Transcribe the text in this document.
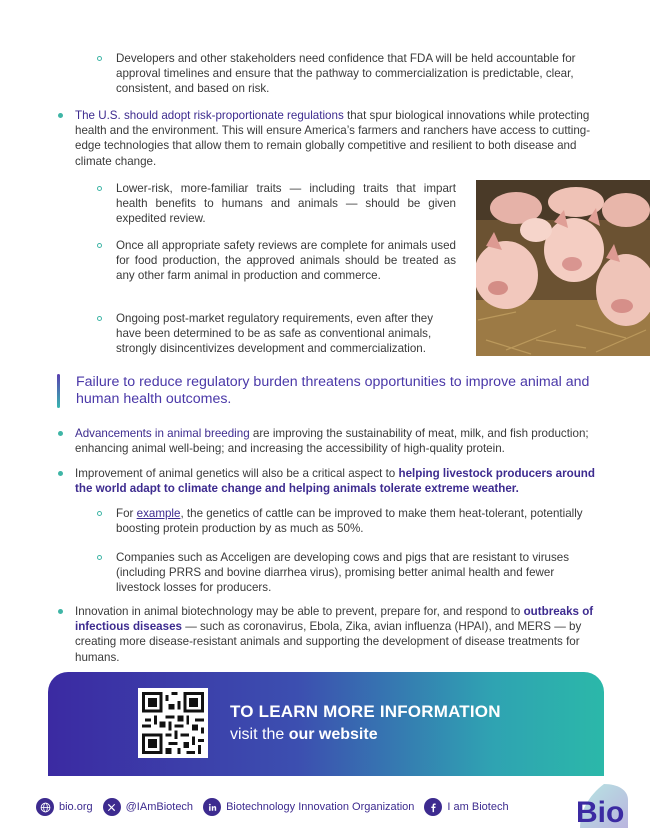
Developers and other stakeholders need confidence that FDA will be held accountable for approval timelines and ensure that the pathway to commercialization is predictable, clear, consistent, and based on risk.

The U.S. should adopt risk-proportionate regulations that spur biological innovations while protecting health and the environment. This will ensure America’s farmers and ranchers have access to cutting-edge technologies that allow them to remain globally competitive and resilient to both disease and climate change.

Lower-risk, more-familiar traits — including traits that impart health benefits to humans and animals — should be given expedited review.

Once all appropriate safety reviews are complete for animals used for food production, the approved animals should be treated as any other farm animal in production and commerce.

Ongoing post-market regulatory requirements, even after they have been determined to be as safe as conventional animals, strongly disincentivizes development and commercialization.

Failure to reduce regulatory burden threatens opportunities to improve animal and human health outcomes.

Advancements in animal breeding are improving the sustainability of meat, milk, and fish production; enhancing animal well-being; and increasing the accessibility of high-quality protein.

Improvement of animal genetics will also be a critical aspect to helping livestock producers around the world adapt to climate change and helping animals tolerate extreme weather.

For example, the genetics of cattle can be improved to make them heat-tolerant, potentially boosting protein production by as much as 50%.

Companies such as Acceligen are developing cows and pigs that are resistant to viruses (including PRRS and bovine diarrhea virus), promising better animal health and fewer livestock losses for producers.

Innovation in animal biotechnology may be able to prevent, prepare for, and respond to outbreaks of infectious diseases — such as coronavirus, Ebola, Zika, avian influenza (HPAI), and MERS — by creating more disease-resistant animals and supporting the development of disease treatments for humans.

TO LEARN MORE INFORMATION
visit the our website
bio.org	@IAmBiotech	Biotechnology Innovation Organization	I am Biotech Bio
